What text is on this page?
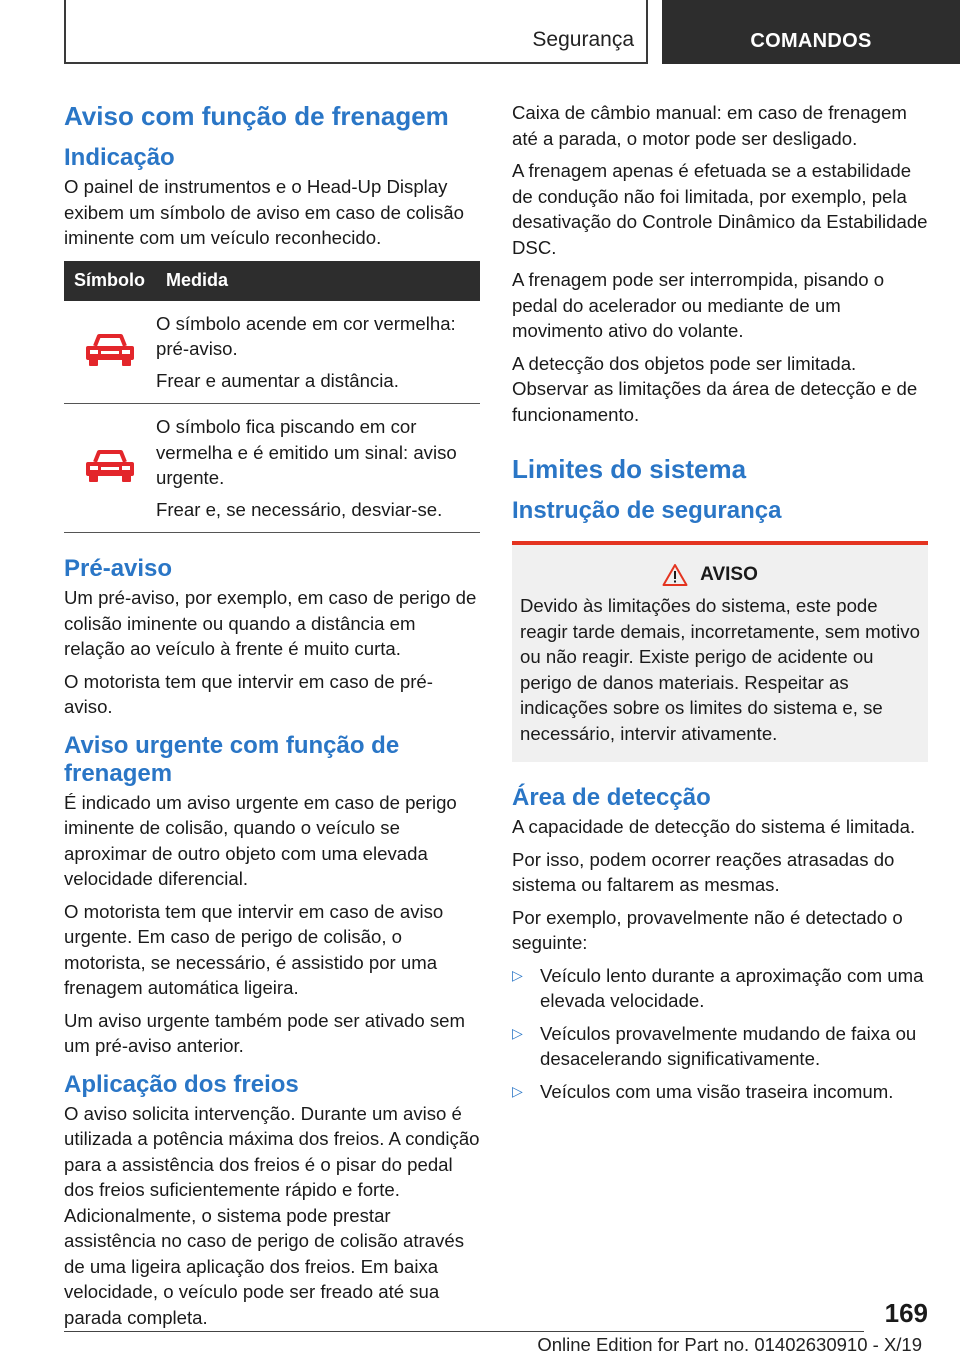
Segurança	COMANDOS
Aviso com função de frenagem
Indicação

O painel de instrumentos e o Head-Up Display exibem um símbolo de aviso em caso de colisão iminente com um veículo reconhecido.

Símbolo	Medida

O símbolo acende em cor vermelha: pré-aviso.

Frear e aumentar a distância.

O símbolo fica piscando em cor vermelha e é emitido um sinal: aviso urgente.

Frear e, se necessário, desviar-se.

Pré-aviso

Um pré-aviso, por exemplo, em caso de perigo de colisão iminente ou quando a distância em relação ao veículo à frente é muito curta.

O motorista tem que intervir em caso de pré-aviso.

Aviso urgente com função de frenagem

É indicado um aviso urgente em caso de perigo iminente de colisão, quando o veículo se aproximar de outro objeto com uma elevada velocidade diferencial.

O motorista tem que intervir em caso de aviso urgente. Em caso de perigo de colisão, o motorista, se necessário, é assistido por uma frenagem automática ligeira.

Um aviso urgente também pode ser ativado sem um pré-aviso anterior.

Aplicação dos freios

O aviso solicita intervenção. Durante um aviso é utilizada a potência máxima dos freios. A condição para a assistência dos freios é o pisar do pedal dos freios suficientemente rápido e forte. Adicionalmente, o sistema pode prestar assistência no caso de perigo de colisão através de uma ligeira aplicação dos freios. Em baixa velocidade, o veículo pode ser freado até sua parada completa.

Caixa de câmbio manual: em caso de frenagem até a parada, o motor pode ser desligado.

A frenagem apenas é efetuada se a estabilidade de condução não foi limitada, por exemplo, pela desativação do Controle Dinâmico da Estabilidade DSC.

A frenagem pode ser interrompida, pisando o pedal do acelerador ou mediante de um movimento ativo do volante.

A detecção dos objetos pode ser limitada. Observar as limitações da área de detecção e de funcionamento.

Limites do sistema
Instrução de segurança
AVISO

Devido às limitações do sistema, este pode reagir tarde demais, incorretamente, sem motivo ou não reagir. Existe perigo de acidente ou perigo de danos materiais. Respeitar as indicações sobre os limites do sistema e, se necessário, intervir ativamente.

Área de detecção

A capacidade de detecção do sistema é limitada.

Por isso, podem ocorrer reações atrasadas do sistema ou faltarem as mesmas.

Por exemplo, provavelmente não é detectado o seguinte:

▷ Veículo lento durante a aproximação com uma elevada velocidade.
▷ Veículos provavelmente mudando de faixa ou desacelerando significativamente.
▷ Veículos com uma visão traseira incomum.
169
Online Edition for Part no. 01402630910 - X/19
